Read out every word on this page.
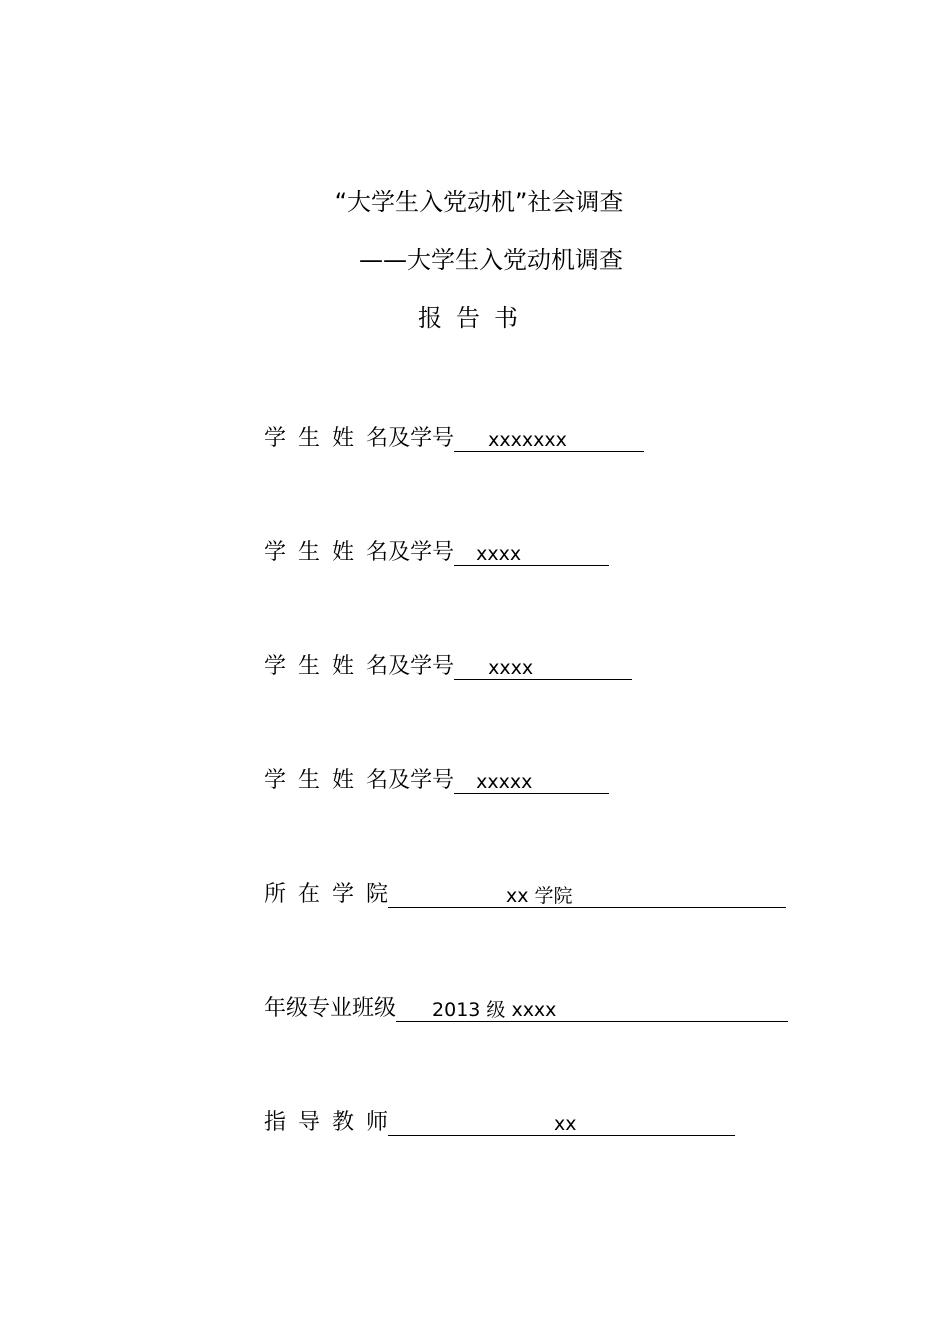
“大学生入党动机”社会调查
——大学生入党动机调查
报告书
学 生 姓 名 及 学 号	xxxxxxx
学 生 姓 名 及 学 号	xxxx
学 生 姓 名 及 学 号	xxxx
学 生 姓 名 及 学 号	xxxxx
所在学院	xx 学院
年级专业班级	2013 级 xxxx
指导教师	xx
